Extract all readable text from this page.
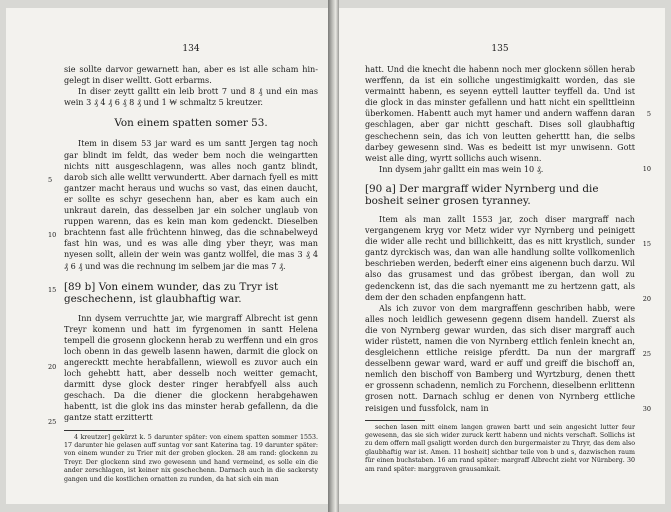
134
5
10
15
20
25

sie sollte darvor gewarnett han, aber es ist alle scham hin-gelegt in diser welltt. Gott erbarms.

In diser zeytt galltt ein leib brott 7 und 8 ₰ und ein mas wein 3 ₰ 4 ₰ 6 ₰ 8 ₰ und 1 ₩ schmaltz 5 kreutzer.

Von einem spatten somer 53.

Item in disem 53 jar ward es um santt Jergen tag noch gar blindt im feldt, das weder bem noch die weingartten nichts nitt ausgeschlagenn, was alles noch gantz blindt, darob sich alle welltt verwundertt. Aber darnach fyell es mitt gantzer macht heraus und wuchs so vast, das einen daucht, er sollte es schyr gesechenn han, aber es kam auch ein unkraut darein, das desselben jar ein solcher unglaub von ruppen warenn, das es kein man kom gedenckt. Dieselben brachtenn fast alle früchtenn hinweg, das die schnabelweyd fast hin was, und es was alle ding yber theyr, was man nyesen sollt, allein der wein was gantz wollfel, die mas 3 ₰ 4 ₰ 6 ₰ und was die rechnung im selbem jar die mas 7 ₰.

[89 b] Von einem wunder, das zu Tryr ist geschechenn, ist glaubhaftig war.

Inn dysem verruchtte jar, wie margraff Albrecht ist genn Treyr komenn und hatt im fyrgenomen in santt Helena tempell die grosenn glockenn herab zu werffenn und ein gros loch obenn in das gewelb lasenn hawen, darmit die glock on angerecktt mechte herabfallenn, wiewoll es zuvor auch ein loch gehebtt hatt, aber desselb noch weitter gemacht, darmitt dyse glock dester ringer herabfyell alss auch geschach. Da die diener die glockenn herabgehawen habentt, ist die glok ins das minster herab gefallenn, da die gantze statt erzittertt

4 kreutzer] gekürzt k. 5 darunter später: von einem spatten sommer 1553. 17 darunter hie gelasen auff suntag vor sant Katerina tag. 19 darunter später: von einem wunder zu Trier mit der groben glocken. 28 am rand: glockenn zu Treyr. Der glockenn sind zwo gewesenn und hand vermeind, es solle ein die ander zerschlagen, ist keiner nix geschechenn. Darnach auch in die sackersty gangen und die kostlichen ornatten zu runden, da hat sich ein man

135
5
10
15
20
25
30

hatt. Und die knecht die habenn noch mer glockenn söllen herab werffenn, da ist ein solliche ungestimigkaitt worden, das sie vermaintt habenn, es seyenn eyttell lautter teyffell da. Und ist die glock in das minster gefallenn und hatt nicht ein spellttleinn überkomen. Habentt auch myt hamer und andern waffenn daran geschlagen, aber gar nichtt geschaft. Dises soll glaubhaftig geschechenn sein, das ich von leutten geherttt han, die selbs darbey gewesenn sind. Was es bedeitt ist myr unwisenn. Gott weist alle ding, wyrtt sollichs auch wisenn.

Inn dysem jahr galltt ein mas wein 10 ₰.

[90 a] Der margraff wider Nyrnberg und die bosheit seiner grosen tyranney.

Item als man zallt 1553 jar, zoch diser margraff nach vergangenem kryg vor Metz wider vyr Nyrnberg und peinigett die wider alle recht und billichkeitt, das es nitt krystlich, sunder gantz dyrckisch was, dan wan alle handlung sollte vollkomenlich beschrieben werden, bederft einer eins aigenenn buch darzu. Wil also das grusamest und das gröbest ibergan, dan woll zu gedenckenn ist, das die sach nyemantt me zu hertzenn gatt, als dem der den schaden enpfangenn hatt.

Als ich zuvor von dem margraffenn geschriben habb, were alles noch leidlich gewesenn gegenn disem handell. Zuerst als die von Nyrnberg gewar wurden, das sich diser margraff auch wider rüstett, namen die von Nyrnberg ettlich fenlein knecht an, desgleichenn ettliche reisige pferdtt. Da nun der margraff desselbenn gewar ward, ward er auff und greiff die bischoff an, nemlich den bischoff von Bamberg und Wyrtzburg, denen thett er grossenn schadenn, nemlich zu Forchenn, dieselbenn erlittenn grosen nott. Darnach schlug er denen von Nyrnberg ettliche reisigen und fussfolck, nam in

sechen lasen mitt einem langen grawen bartt und sein angesicht lutter feur gewesenn, das sie sich wider zuruck kertt habenn und nichts verschaft. Sollichs ist zu dem offern mall gsaligtt worden durch den burgermaister zu Thryr, das dem also glaubhaftig war ist. Amen. 11 bosheit] sichtbar teile von b und s, dazwischen raum für einen buchstaben. 16 am rand später: margraff Albrecht zieht vor Nürnberg. 30 am rand später: marggraven grausamkait.
